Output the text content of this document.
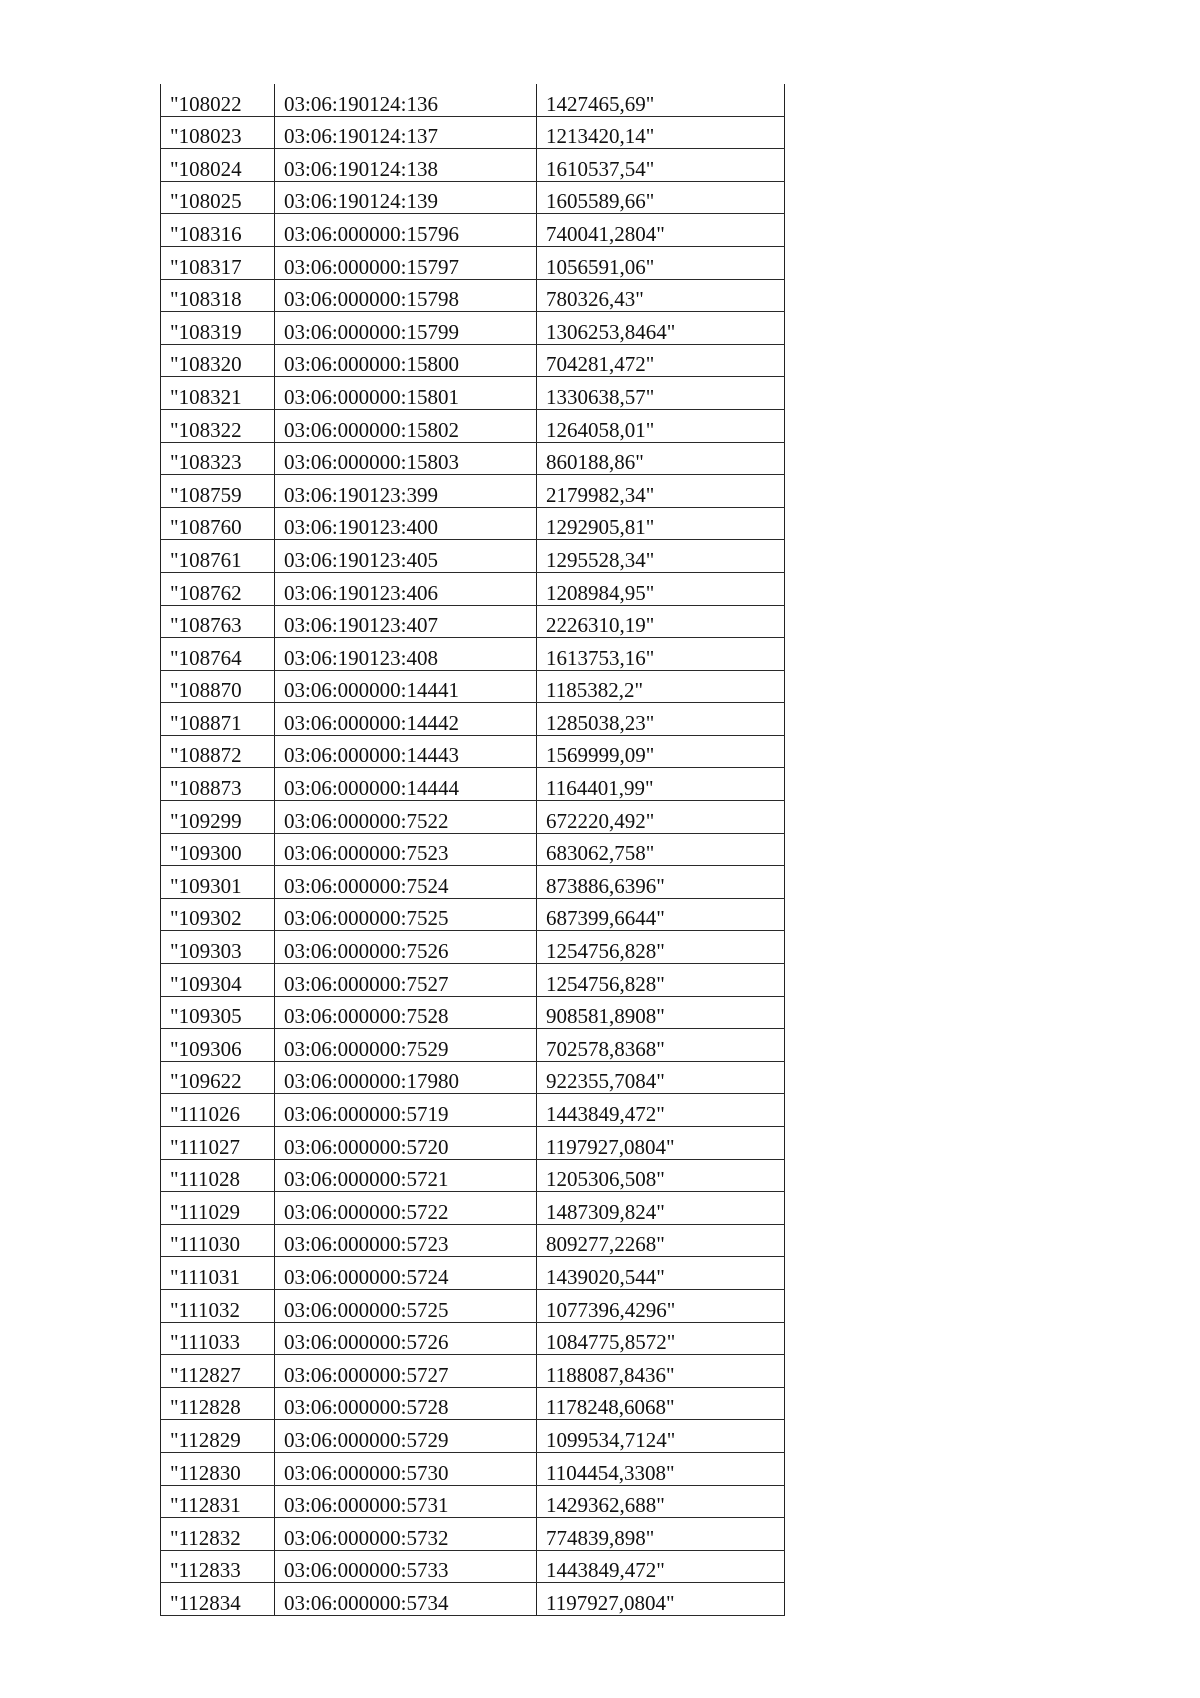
"108022	03:06:190124:136	1427465,69"
"108023	03:06:190124:137	1213420,14"
"108024	03:06:190124:138	1610537,54"
"108025	03:06:190124:139	1605589,66"
"108316	03:06:000000:15796	740041,2804"
"108317	03:06:000000:15797	1056591,06"
"108318	03:06:000000:15798	780326,43"
"108319	03:06:000000:15799	1306253,8464"
"108320	03:06:000000:15800	704281,472"
"108321	03:06:000000:15801	1330638,57"
"108322	03:06:000000:15802	1264058,01"
"108323	03:06:000000:15803	860188,86"
"108759	03:06:190123:399	2179982,34"
"108760	03:06:190123:400	1292905,81"
"108761	03:06:190123:405	1295528,34"
"108762	03:06:190123:406	1208984,95"
"108763	03:06:190123:407	2226310,19"
"108764	03:06:190123:408	1613753,16"
"108870	03:06:000000:14441	1185382,2"
"108871	03:06:000000:14442	1285038,23"
"108872	03:06:000000:14443	1569999,09"
"108873	03:06:000000:14444	1164401,99"
"109299	03:06:000000:7522	672220,492"
"109300	03:06:000000:7523	683062,758"
"109301	03:06:000000:7524	873886,6396"
"109302	03:06:000000:7525	687399,6644"
"109303	03:06:000000:7526	1254756,828"
"109304	03:06:000000:7527	1254756,828"
"109305	03:06:000000:7528	908581,8908"
"109306	03:06:000000:7529	702578,8368"
"109622	03:06:000000:17980	922355,7084"
"111026	03:06:000000:5719	1443849,472"
"111027	03:06:000000:5720	1197927,0804"
"111028	03:06:000000:5721	1205306,508"
"111029	03:06:000000:5722	1487309,824"
"111030	03:06:000000:5723	809277,2268"
"111031	03:06:000000:5724	1439020,544"
"111032	03:06:000000:5725	1077396,4296"
"111033	03:06:000000:5726	1084775,8572"
"112827	03:06:000000:5727	1188087,8436"
"112828	03:06:000000:5728	1178248,6068"
"112829	03:06:000000:5729	1099534,7124"
"112830	03:06:000000:5730	1104454,3308"
"112831	03:06:000000:5731	1429362,688"
"112832	03:06:000000:5732	774839,898"
"112833	03:06:000000:5733	1443849,472"
"112834	03:06:000000:5734	1197927,0804"
